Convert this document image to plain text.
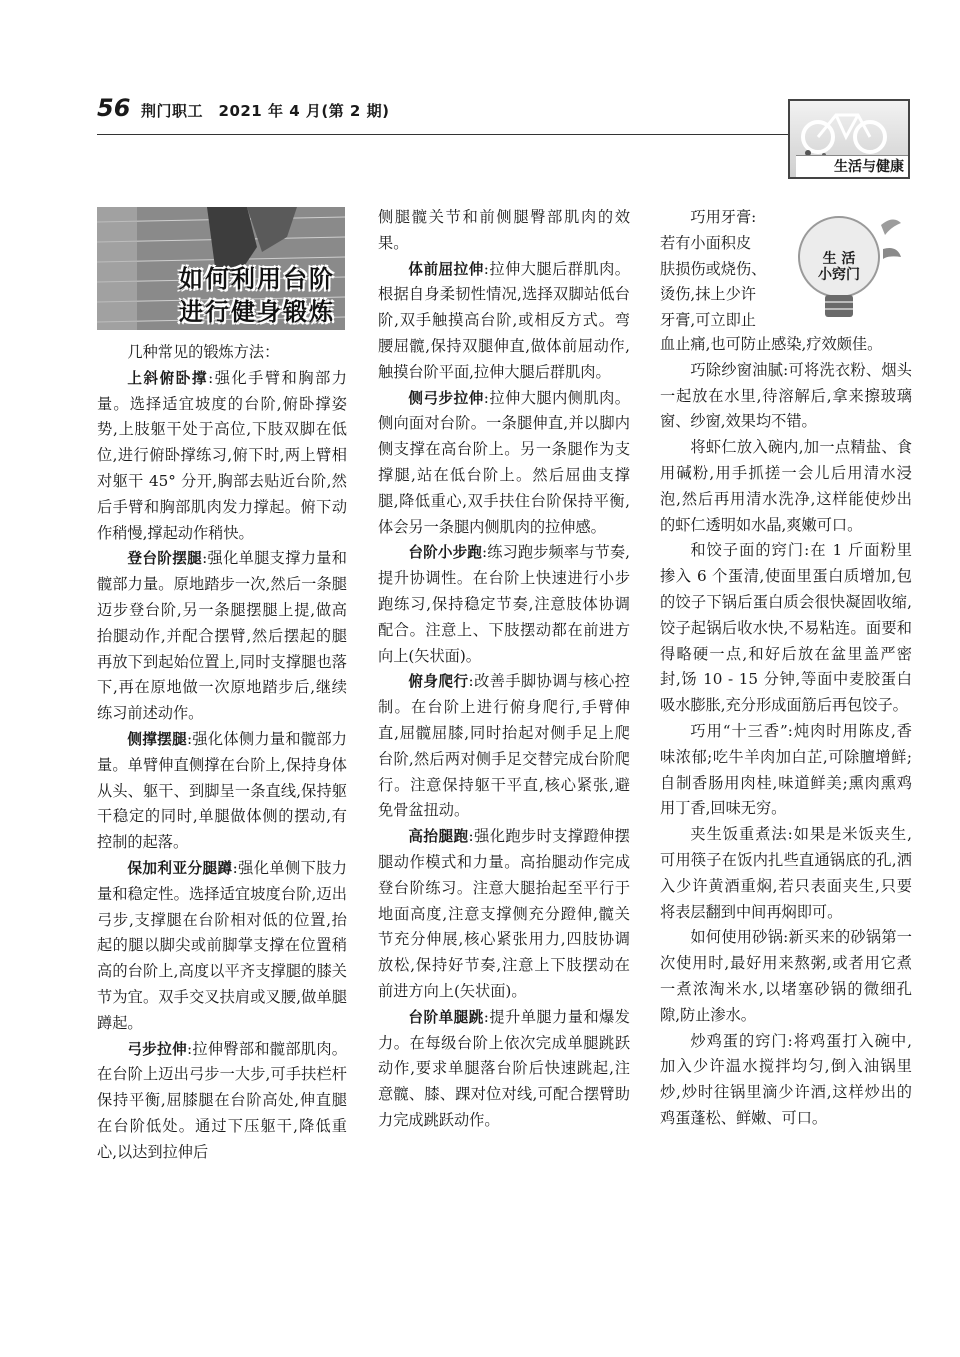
56 荆门职工　2021 年 4 月(第 2 期)
生活与健康
如何利用台阶
进行健身锻炼

几种常见的锻炼方法：

上斜俯卧撑:强化手臂和胸部力量。选择适宜坡度的台阶,俯卧撑姿势,上肢躯干处于高位,下肢双脚在低位,进行俯卧撑练习,俯下时,两上臂相对躯干 45° 分开,胸部去贴近台阶,然后手臂和胸部肌肉发力撑起。俯下动作稍慢,撑起动作稍快。

登台阶摆腿:强化单腿支撑力量和髋部力量。原地踏步一次,然后一条腿迈步登台阶,另一条腿摆腿上提,做高抬腿动作,并配合摆臂,然后摆起的腿再放下到起始位置上,同时支撑腿也落下,再在原地做一次原地踏步后,继续练习前述动作。

侧撑摆腿:强化体侧力量和髋部力量。单臂伸直侧撑在台阶上,保持身体从头、躯干、到脚呈一条直线,保持躯干稳定的同时,单腿做体侧的摆动,有控制的起落。

保加利亚分腿蹲:强化单侧下肢力量和稳定性。选择适宜坡度台阶,迈出弓步,支撑腿在台阶相对低的位置,抬起的腿以脚尖或前脚掌支撑在位置稍高的台阶上,高度以平齐支撑腿的膝关节为宜。双手交叉扶肩或叉腰,做单腿蹲起。

弓步拉伸:拉伸臀部和髋部肌肉。在台阶上迈出弓步一大步,可手扶栏杆保持平衡,屈膝腿在台阶高处,伸直腿在台阶低处。通过下压躯干,降低重心,以达到拉伸后

侧腿髋关节和前侧腿臀部肌肉的效果。

体前屈拉伸:拉伸大腿后群肌肉。根据自身柔韧性情况,选择双脚站低台阶,双手触摸高台阶,或相反方式。弯腰屈髋,保持双腿伸直,做体前屈动作,触摸台阶平面,拉伸大腿后群肌肉。

侧弓步拉伸:拉伸大腿内侧肌肉。侧向面对台阶。一条腿伸直,并以脚内侧支撑在高台阶上。另一条腿作为支撑腿,站在低台阶上。然后屈曲支撑腿,降低重心,双手扶住台阶保持平衡,体会另一条腿内侧肌肉的拉伸感。

台阶小步跑:练习跑步频率与节奏,提升协调性。在台阶上快速进行小步跑练习,保持稳定节奏,注意肢体协调配合。注意上、下肢摆动都在前进方向上(矢状面)。

俯身爬行:改善手脚协调与核心控制。在台阶上进行俯身爬行,手臂伸直,屈髋屈膝,同时抬起对侧手足上爬台阶,然后两对侧手足交替完成台阶爬行。注意保持躯干平直,核心紧张,避免骨盆扭动。

高抬腿跑:强化跑步时支撑蹬伸摆腿动作模式和力量。高抬腿动作完成登台阶练习。注意大腿抬起至平行于地面高度,注意支撑侧充分蹬伸,髋关节充分伸展,核心紧张用力,四肢协调放松,保持好节奏,注意上下肢摆动在前进方向上(矢状面)。

台阶单腿跳:提升单腿力量和爆发力。在每级台阶上依次完成单腿跳跃动作,要求单腿落台阶后快速跳起,注意髋、膝、踝对位对线,可配合摆臂助力完成跳跃动作。

生 活
小窍门
巧用牙膏:
若有小面积皮
肤损伤或烧伤、
烫伤,抹上少许
牙膏,可立即止

血止痛,也可防止感染,疗效颇佳。

巧除纱窗油腻:可将洗衣粉、烟头一起放在水里,待溶解后,拿来擦玻璃窗、纱窗,效果均不错。

将虾仁放入碗内,加一点精盐、食用碱粉,用手抓搓一会儿后用清水浸泡,然后再用清水洗净,这样能使炒出的虾仁透明如水晶,爽嫩可口。

和饺子面的窍门:在 1 斤面粉里掺入 6 个蛋清,使面里蛋白质增加,包的饺子下锅后蛋白质会很快凝固收缩,饺子起锅后收水快,不易粘连。面要和得略硬一点,和好后放在盆里盖严密封,饧 10 - 15 分钟,等面中麦胶蛋白吸水膨胀,充分形成面筋后再包饺子。

巧用“十三香”:炖肉时用陈皮,香味浓郁;吃牛羊肉加白芷,可除膻增鲜;自制香肠用肉桂,味道鲜美;熏肉熏鸡用丁香,回味无穷。

夹生饭重煮法:如果是米饭夹生,可用筷子在饭内扎些直通锅底的孔,洒入少许黄酒重焖,若只表面夹生,只要将表层翻到中间再焖即可。

如何使用砂锅:新买来的砂锅第一次使用时,最好用来熬粥,或者用它煮一煮浓淘米水,以堵塞砂锅的微细孔隙,防止渗水。

炒鸡蛋的窍门:将鸡蛋打入碗中,加入少许温水搅拌均匀,倒入油锅里炒,炒时往锅里滴少许酒,这样炒出的鸡蛋蓬松、鲜嫩、可口。
